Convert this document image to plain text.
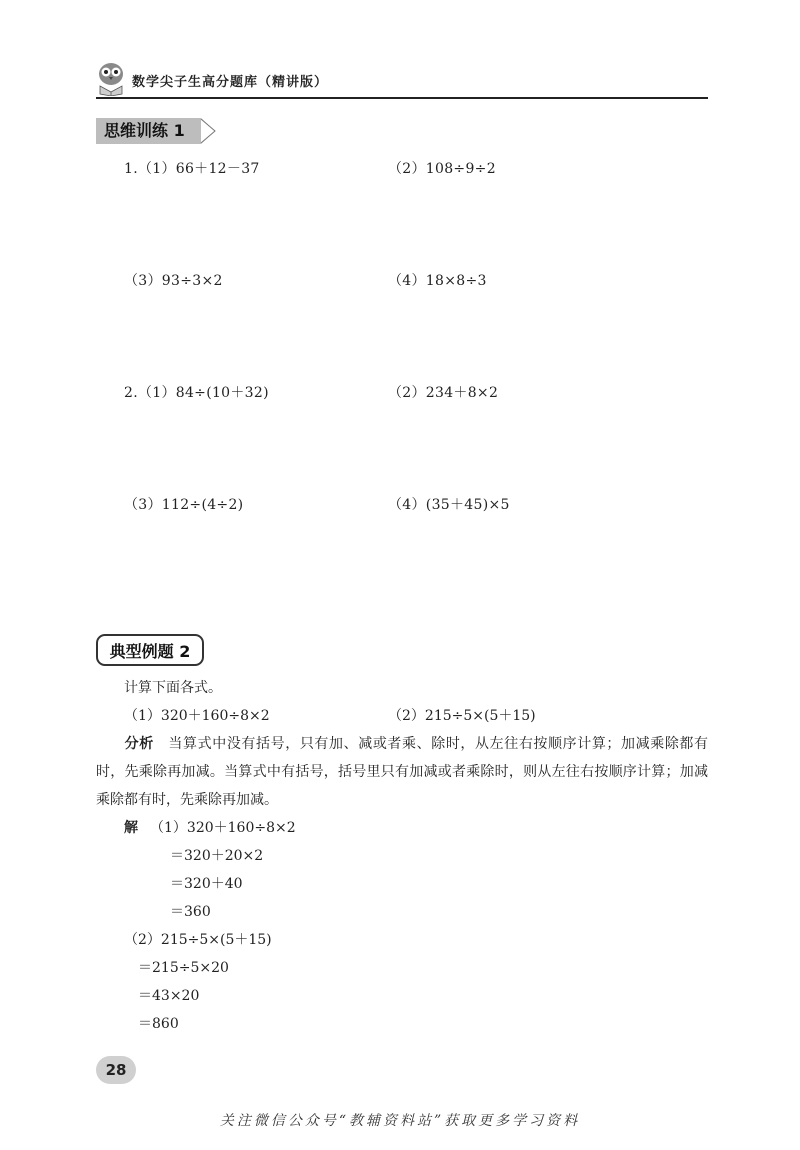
数学尖子生高分题库（精讲版）
思维训练 1
1.（1）66＋12－37	（2）108÷9÷2
（3）93÷3×2	（4）18×8÷3
2.（1）84÷(10＋32)	（2）234＋8×2
（3）112÷(4÷2)	（4）(35＋45)×5
典型例题 2
计算下面各式。
（1）320＋160÷8×2	（2）215÷5×(5＋15)
分析　 当算式中没有括号，只有加、减或者乘、除时，从左往右按顺序计算；加减乘除都有时，先乘除再加减。当算式中有括号，括号里只有加减或者乘除时，则从左往右按顺序计算；加减乘除都有时，先乘除再加减。
解 （1）320＋160÷8×2
＝320＋20×2
＝320＋40
＝360
（2）215÷5×(5＋15)
＝215÷5×20
＝43×20
＝860
28
关注微信公众号“教辅资料站”获取更多学习资料
